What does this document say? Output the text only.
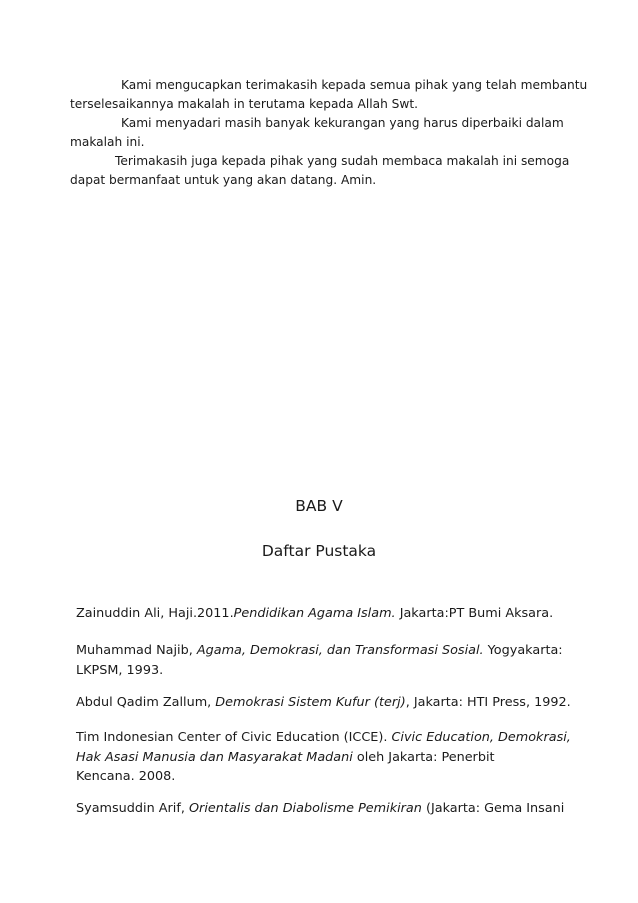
Kami mengucapkan terimakasih kepada semua pihak yang telah membantu
terselesaikannya makalah in terutama kepada Allah Swt.
Kami menyadari masih banyak kekurangan yang harus diperbaiki dalam
makalah ini.
Terimakasih juga kepada pihak yang sudah membaca makalah ini semoga
dapat bermanfaat untuk yang akan datang. Amin.
BAB V
Daftar Pustaka
Zainuddin Ali, Haji.2011.Pendidikan Agama Islam. Jakarta:PT Bumi Aksara.
Muhammad Najib, Agama, Demokrasi, dan Transformasi Sosial. Yogyakarta:
LKPSM, 1993.
Abdul Qadim Zallum, Demokrasi Sistem Kufur (terj), Jakarta: HTI Press, 1992.
Tim Indonesian Center of Civic Education (ICCE). Civic Education, Demokrasi,
Hak Asasi Manusia dan Masyarakat Madani oleh Jakarta: Penerbit
Kencana. 2008.
Syamsuddin Arif, Orientalis dan Diabolisme Pemikiran (Jakarta: Gema Insani
